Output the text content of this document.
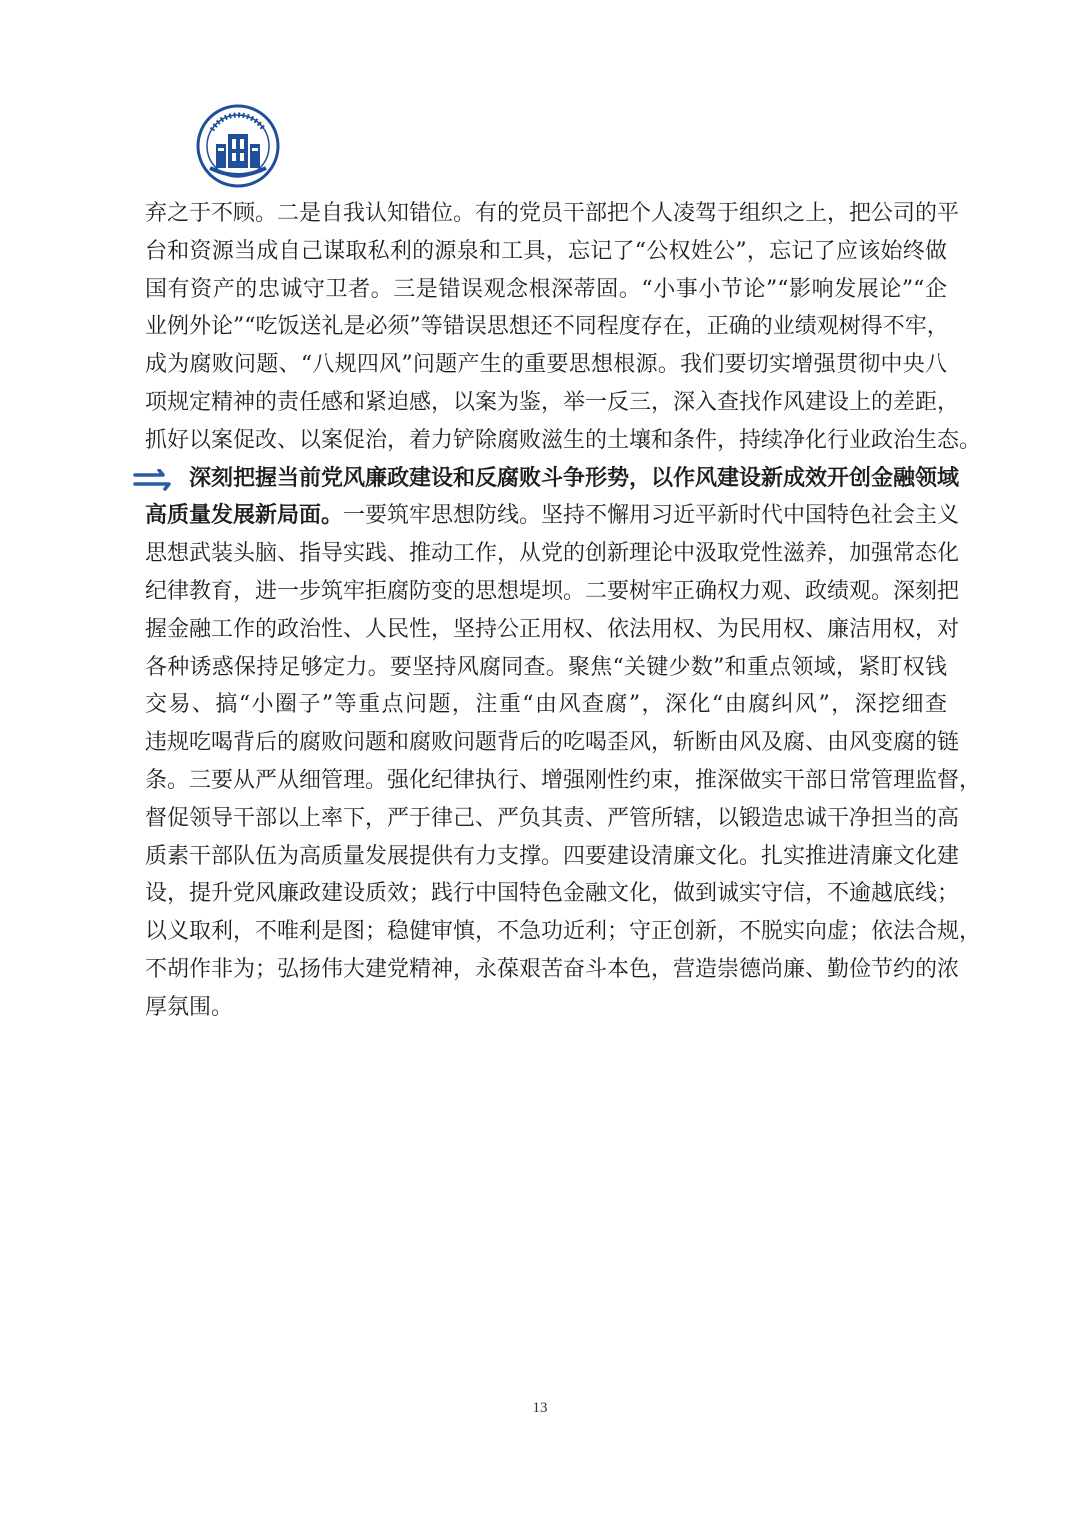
弃之于不顾。二是自我认知错位。有的党员干部把个人凌驾于组织之上，把公司的平
台和资源当成自己谋取私利的源泉和工具，忘记了“公权姓公”，忘记了应该始终做
国有资产的忠诚守卫者。三是错误观念根深蒂固。“小事小节论”“影响发展论”“企
业例外论”“吃饭送礼是必须”等错误思想还不同程度存在，正确的业绩观树得不牢，
成为腐败问题、“八规四风”问题产生的重要思想根源。我们要切实增强贯彻中央八
项规定精神的责任感和紧迫感，以案为鉴，举一反三，深入查找作风建设上的差距，
抓好以案促改、以案促治，着力铲除腐败滋生的土壤和条件，持续净化行业政治生态。
深刻把握当前党风廉政建设和反腐败斗争形势，以作风建设新成效开创金融领域
高质量发展新局面。一要筑牢思想防线。坚持不懈用习近平新时代中国特色社会主义
思想武装头脑、指导实践、推动工作，从党的创新理论中汲取党性滋养，加强常态化
纪律教育，进一步筑牢拒腐防变的思想堤坝。二要树牢正确权力观、政绩观。深刻把
握金融工作的政治性、人民性，坚持公正用权、依法用权、为民用权、廉洁用权，对
各种诱惑保持足够定力。要坚持风腐同查。聚焦“关键少数”和重点领域，紧盯权钱
交易、搞“小圈子”等重点问题，注重“由风查腐”，深化“由腐纠风”，深挖细查
违规吃喝背后的腐败问题和腐败问题背后的吃喝歪风，斩断由风及腐、由风变腐的链
条。三要从严从细管理。强化纪律执行、增强刚性约束，推深做实干部日常管理监督，
督促领导干部以上率下，严于律己、严负其责、严管所辖，以锻造忠诚干净担当的高
质素干部队伍为高质量发展提供有力支撑。四要建设清廉文化。扎实推进清廉文化建
设，提升党风廉政建设质效；践行中国特色金融文化，做到诚实守信，不逾越底线；
以义取利，不唯利是图；稳健审慎，不急功近利；守正创新，不脱实向虚；依法合规，
不胡作非为；弘扬伟大建党精神，永葆艰苦奋斗本色，营造崇德尚廉、勤俭节约的浓
厚氛围。
13
